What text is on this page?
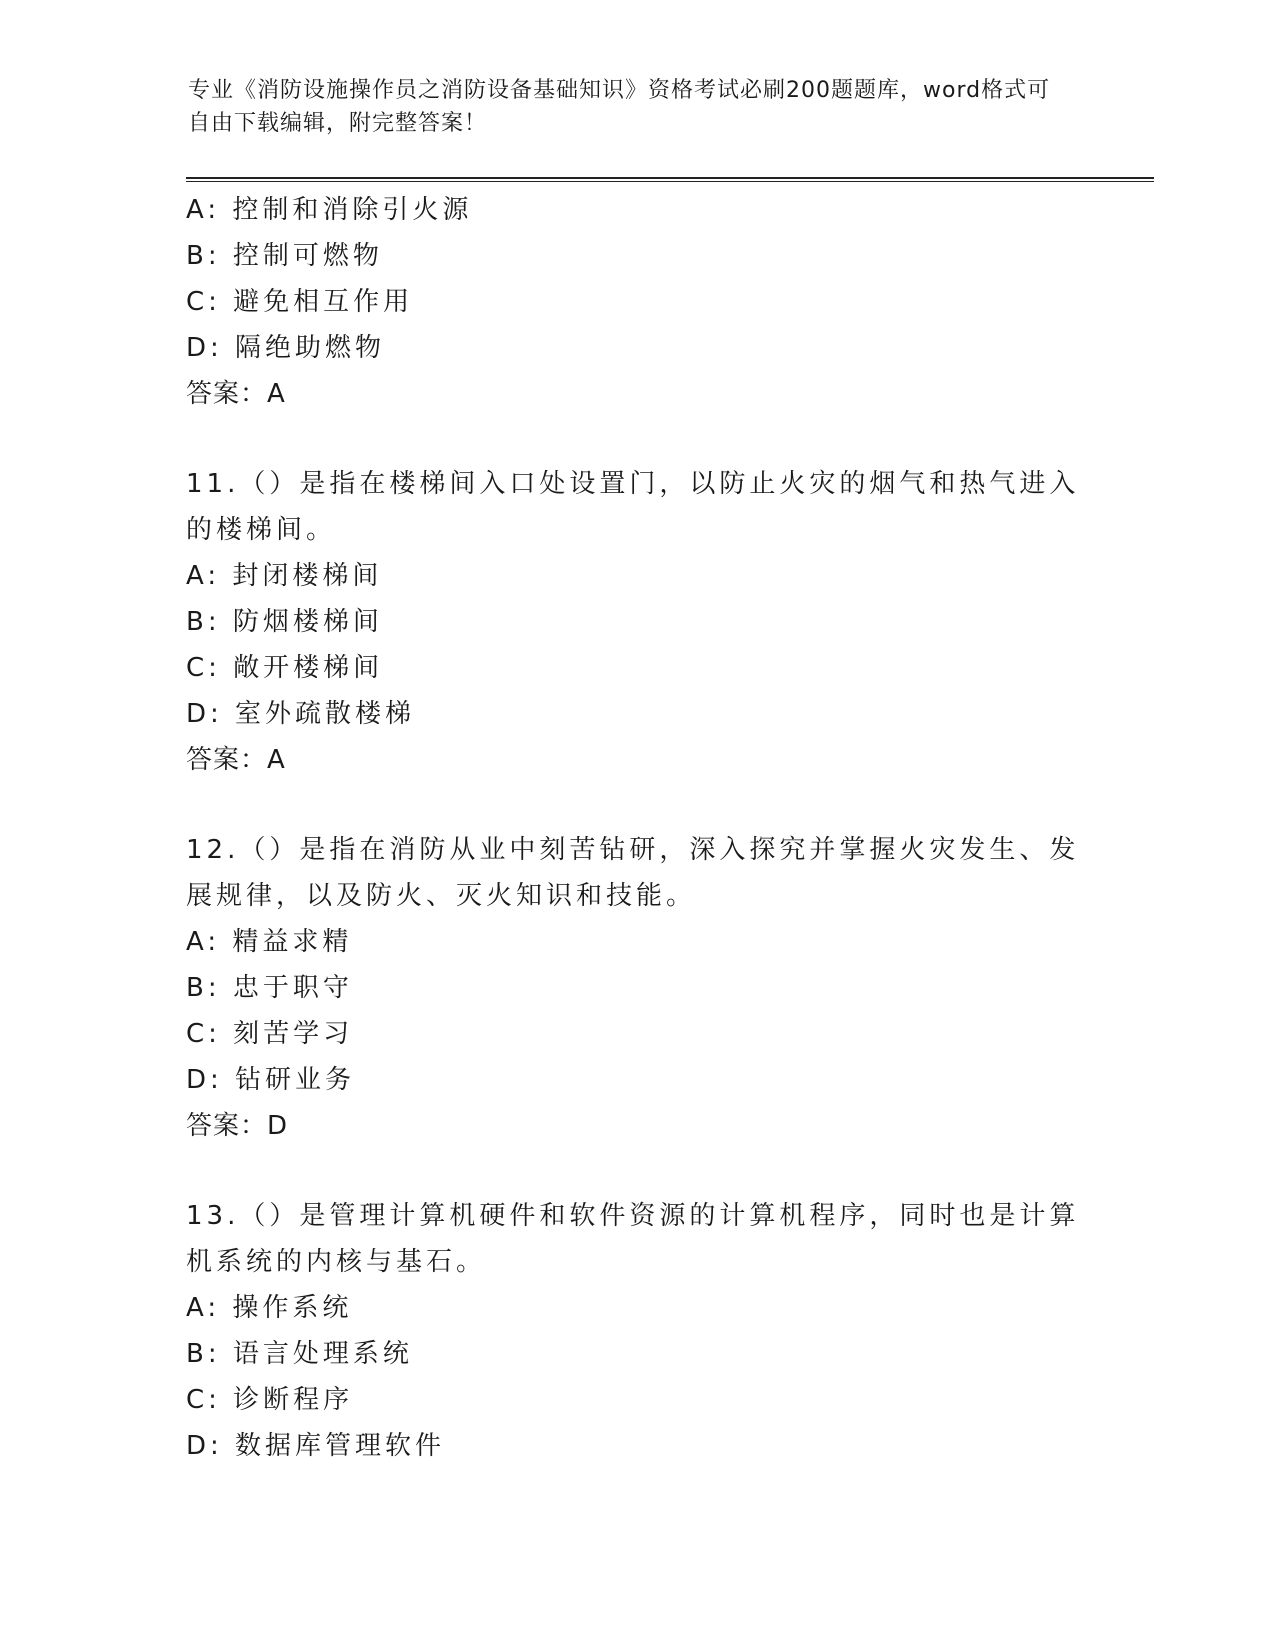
专业《消防设施操作员之消防设备基础知识》资格考试必刷200题题库，word格式可自由下载编辑，附完整答案！
A: 控制和消除引火源
B: 控制可燃物
C: 避免相互作用
D: 隔绝助燃物
答案：A
11.（）是指在楼梯间入口处设置门，以防止火灾的烟气和热气进入的楼梯间。
A: 封闭楼梯间
B: 防烟楼梯间
C: 敞开楼梯间
D: 室外疏散楼梯
答案：A
12.（）是指在消防从业中刻苦钻研，深入探究并掌握火灾发生、发展规律，以及防火、灭火知识和技能。
A: 精益求精
B: 忠于职守
C: 刻苦学习
D: 钻研业务
答案：D
13.（）是管理计算机硬件和软件资源的计算机程序，同时也是计算机系统的内核与基石。
A: 操作系统
B: 语言处理系统
C: 诊断程序
D: 数据库管理软件
